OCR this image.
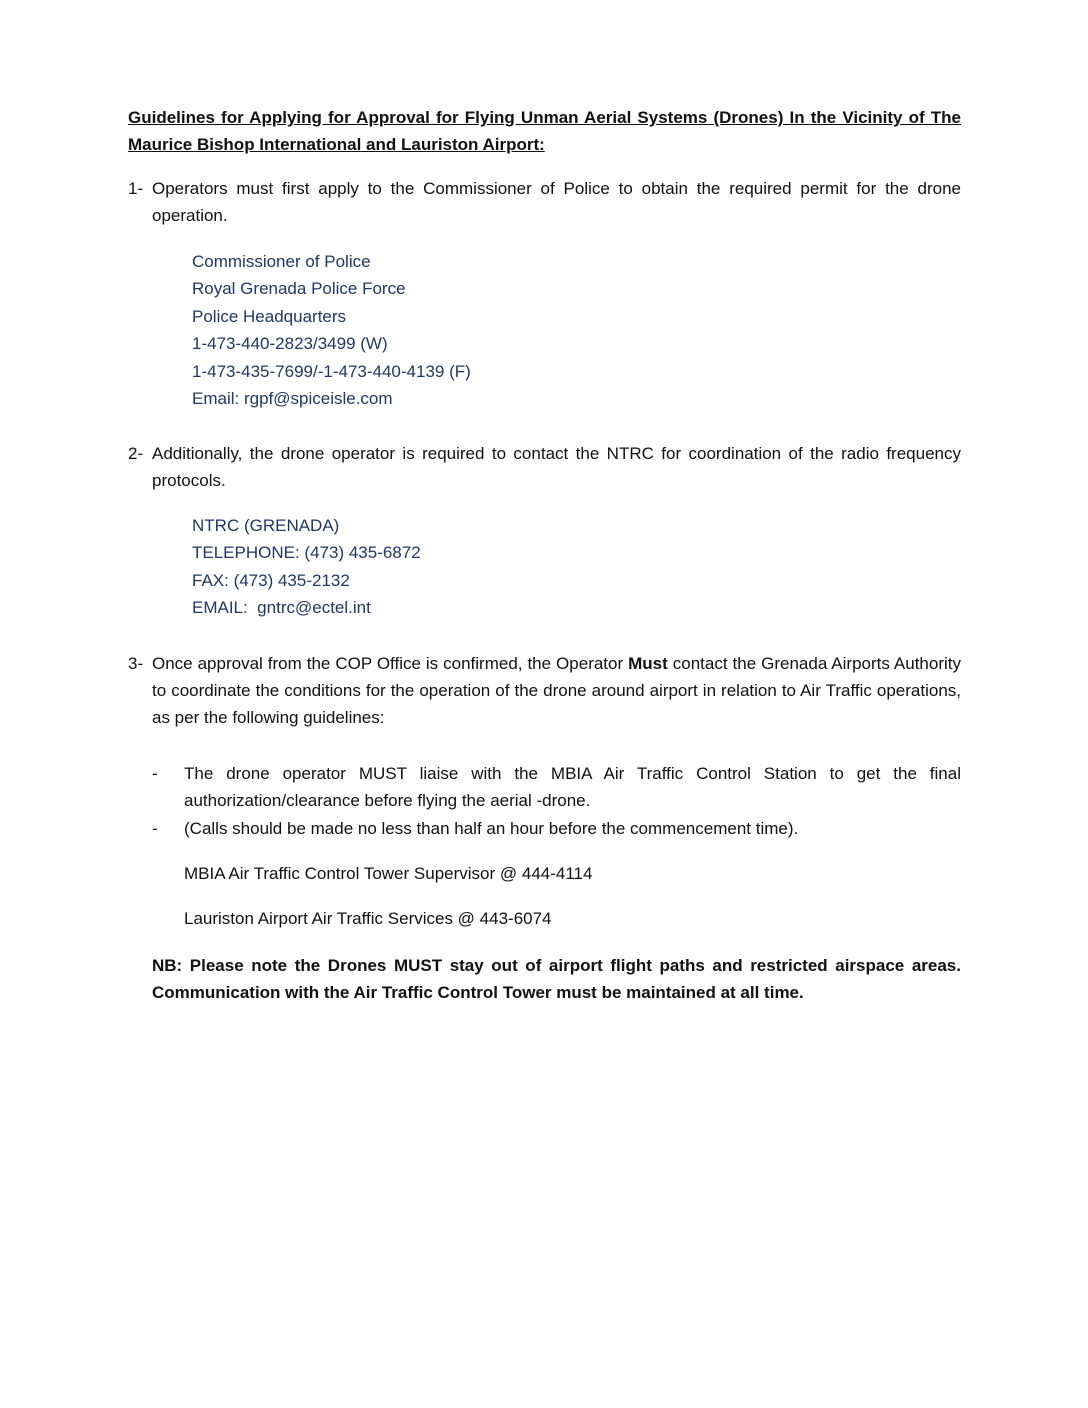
Guidelines for Applying for Approval for Flying Unman Aerial Systems (Drones) In the Vicinity of The Maurice Bishop International and Lauriston Airport:

1- Operators must first apply to the Commissioner of Police to obtain the required permit for the drone operation.
Commissioner of Police
Royal Grenada Police Force
Police Headquarters
1-473-440-2823/3499 (W)
1-473-435-7699/-1-473-440-4139 (F)
Email: rgpf@spiceisle.com
2- Additionally, the drone operator is required to contact the NTRC for coordination of the radio frequency protocols.
NTRC (GRENADA)
TELEPHONE: (473) 435-6872
FAX: (473) 435-2132
EMAIL:  gntrc@ectel.int
3- Once approval from the COP Office is confirmed, the Operator Must contact the Grenada Airports Authority to coordinate the conditions for the operation of the drone around airport in relation to Air Traffic operations, as per the following guidelines:
-	The drone operator MUST liaise with the MBIA Air Traffic Control Station to get the final authorization/clearance before flying the aerial -drone.
-	(Calls should be made no less than half an hour before the commencement time).

MBIA Air Traffic Control Tower Supervisor @ 444-4114

Lauriston Airport Air Traffic Services @ 443-6074

NB: Please note the Drones MUST stay out of airport flight paths and restricted airspace areas. Communication with the Air Traffic Control Tower must be maintained at all time.
